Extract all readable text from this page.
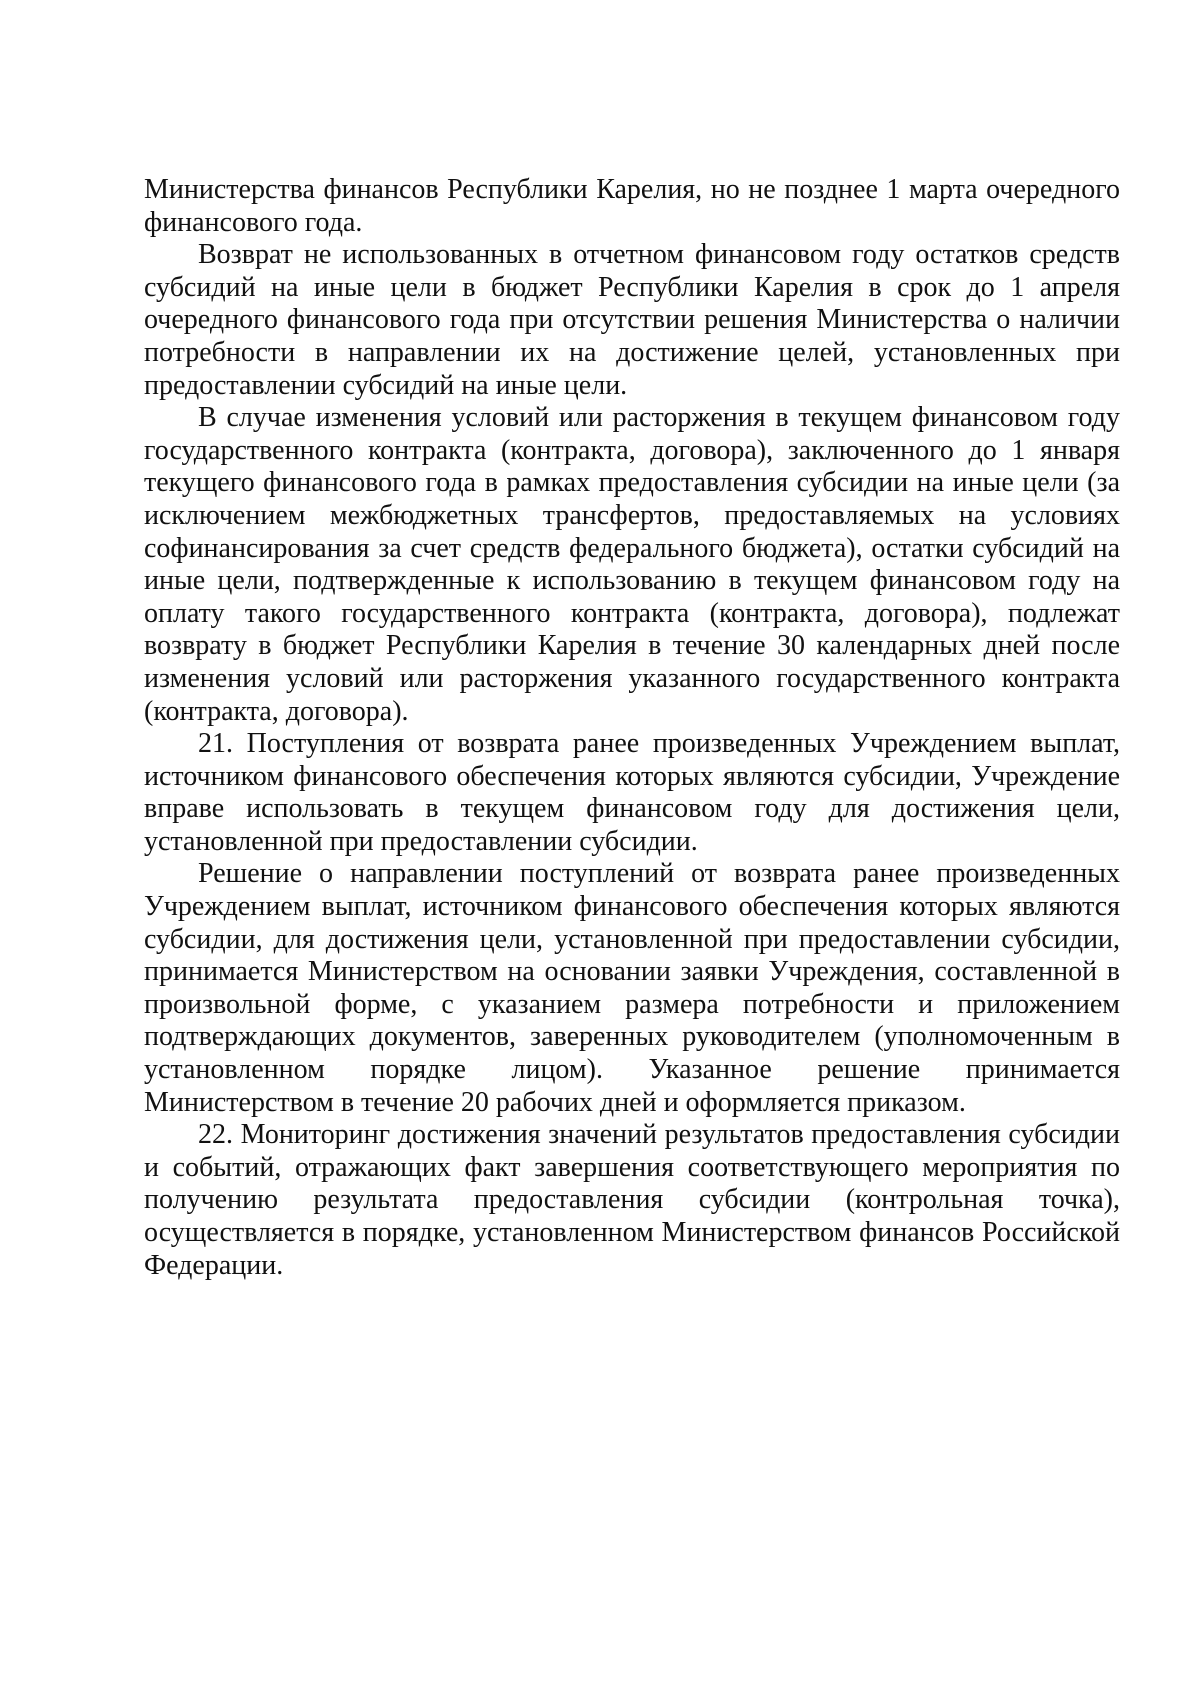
Министерства финансов Республики Карелия, но не позднее 1 марта очередного финансового года.

Возврат не использованных в отчетном финансовом году остатков средств субсидий на иные цели в бюджет Республики Карелия в срок до 1 апреля очередного финансового года при отсутствии решения Министерства о наличии потребности в направлении их на достижение целей, установленных при предоставлении субсидий на иные цели.

В случае изменения условий или расторжения в текущем финансовом году государственного контракта (контракта, договора), заключенного до 1 января текущего финансового года в рамках предоставления субсидии на иные цели (за исключением межбюджетных трансфертов, предоставляемых на условиях софинансирования за счет средств федерального бюджета), остатки субсидий на иные цели, подтвержденные к использованию в текущем финансовом году на оплату такого государственного контракта (контракта, договора), подлежат возврату в бюджет Республики Карелия в течение 30 календарных дней после изменения условий или расторжения указанного государственного контракта (контракта, договора).

21. Поступления от возврата ранее произведенных Учреждением выплат, источником финансового обеспечения которых являются субсидии, Учреждение вправе использовать в текущем финансовом году для достижения цели, установленной при предоставлении субсидии.

Решение о направлении поступлений от возврата ранее произведенных Учреждением выплат, источником финансового обеспечения которых являются субсидии, для достижения цели, установленной при предоставлении субсидии, принимается Министерством на основании заявки Учреждения, составленной в произвольной форме, с указанием размера потребности и приложением подтверждающих документов, заверенных руководителем (уполномоченным в установленном порядке лицом). Указанное решение принимается Министерством в течение 20 рабочих дней и оформляется приказом.

22. Мониторинг достижения значений результатов предоставления субсидии и событий, отражающих факт завершения соответствующего мероприятия по получению результата предоставления субсидии (контрольная точка), осуществляется в порядке, установленном Министерством финансов Российской Федерации.
